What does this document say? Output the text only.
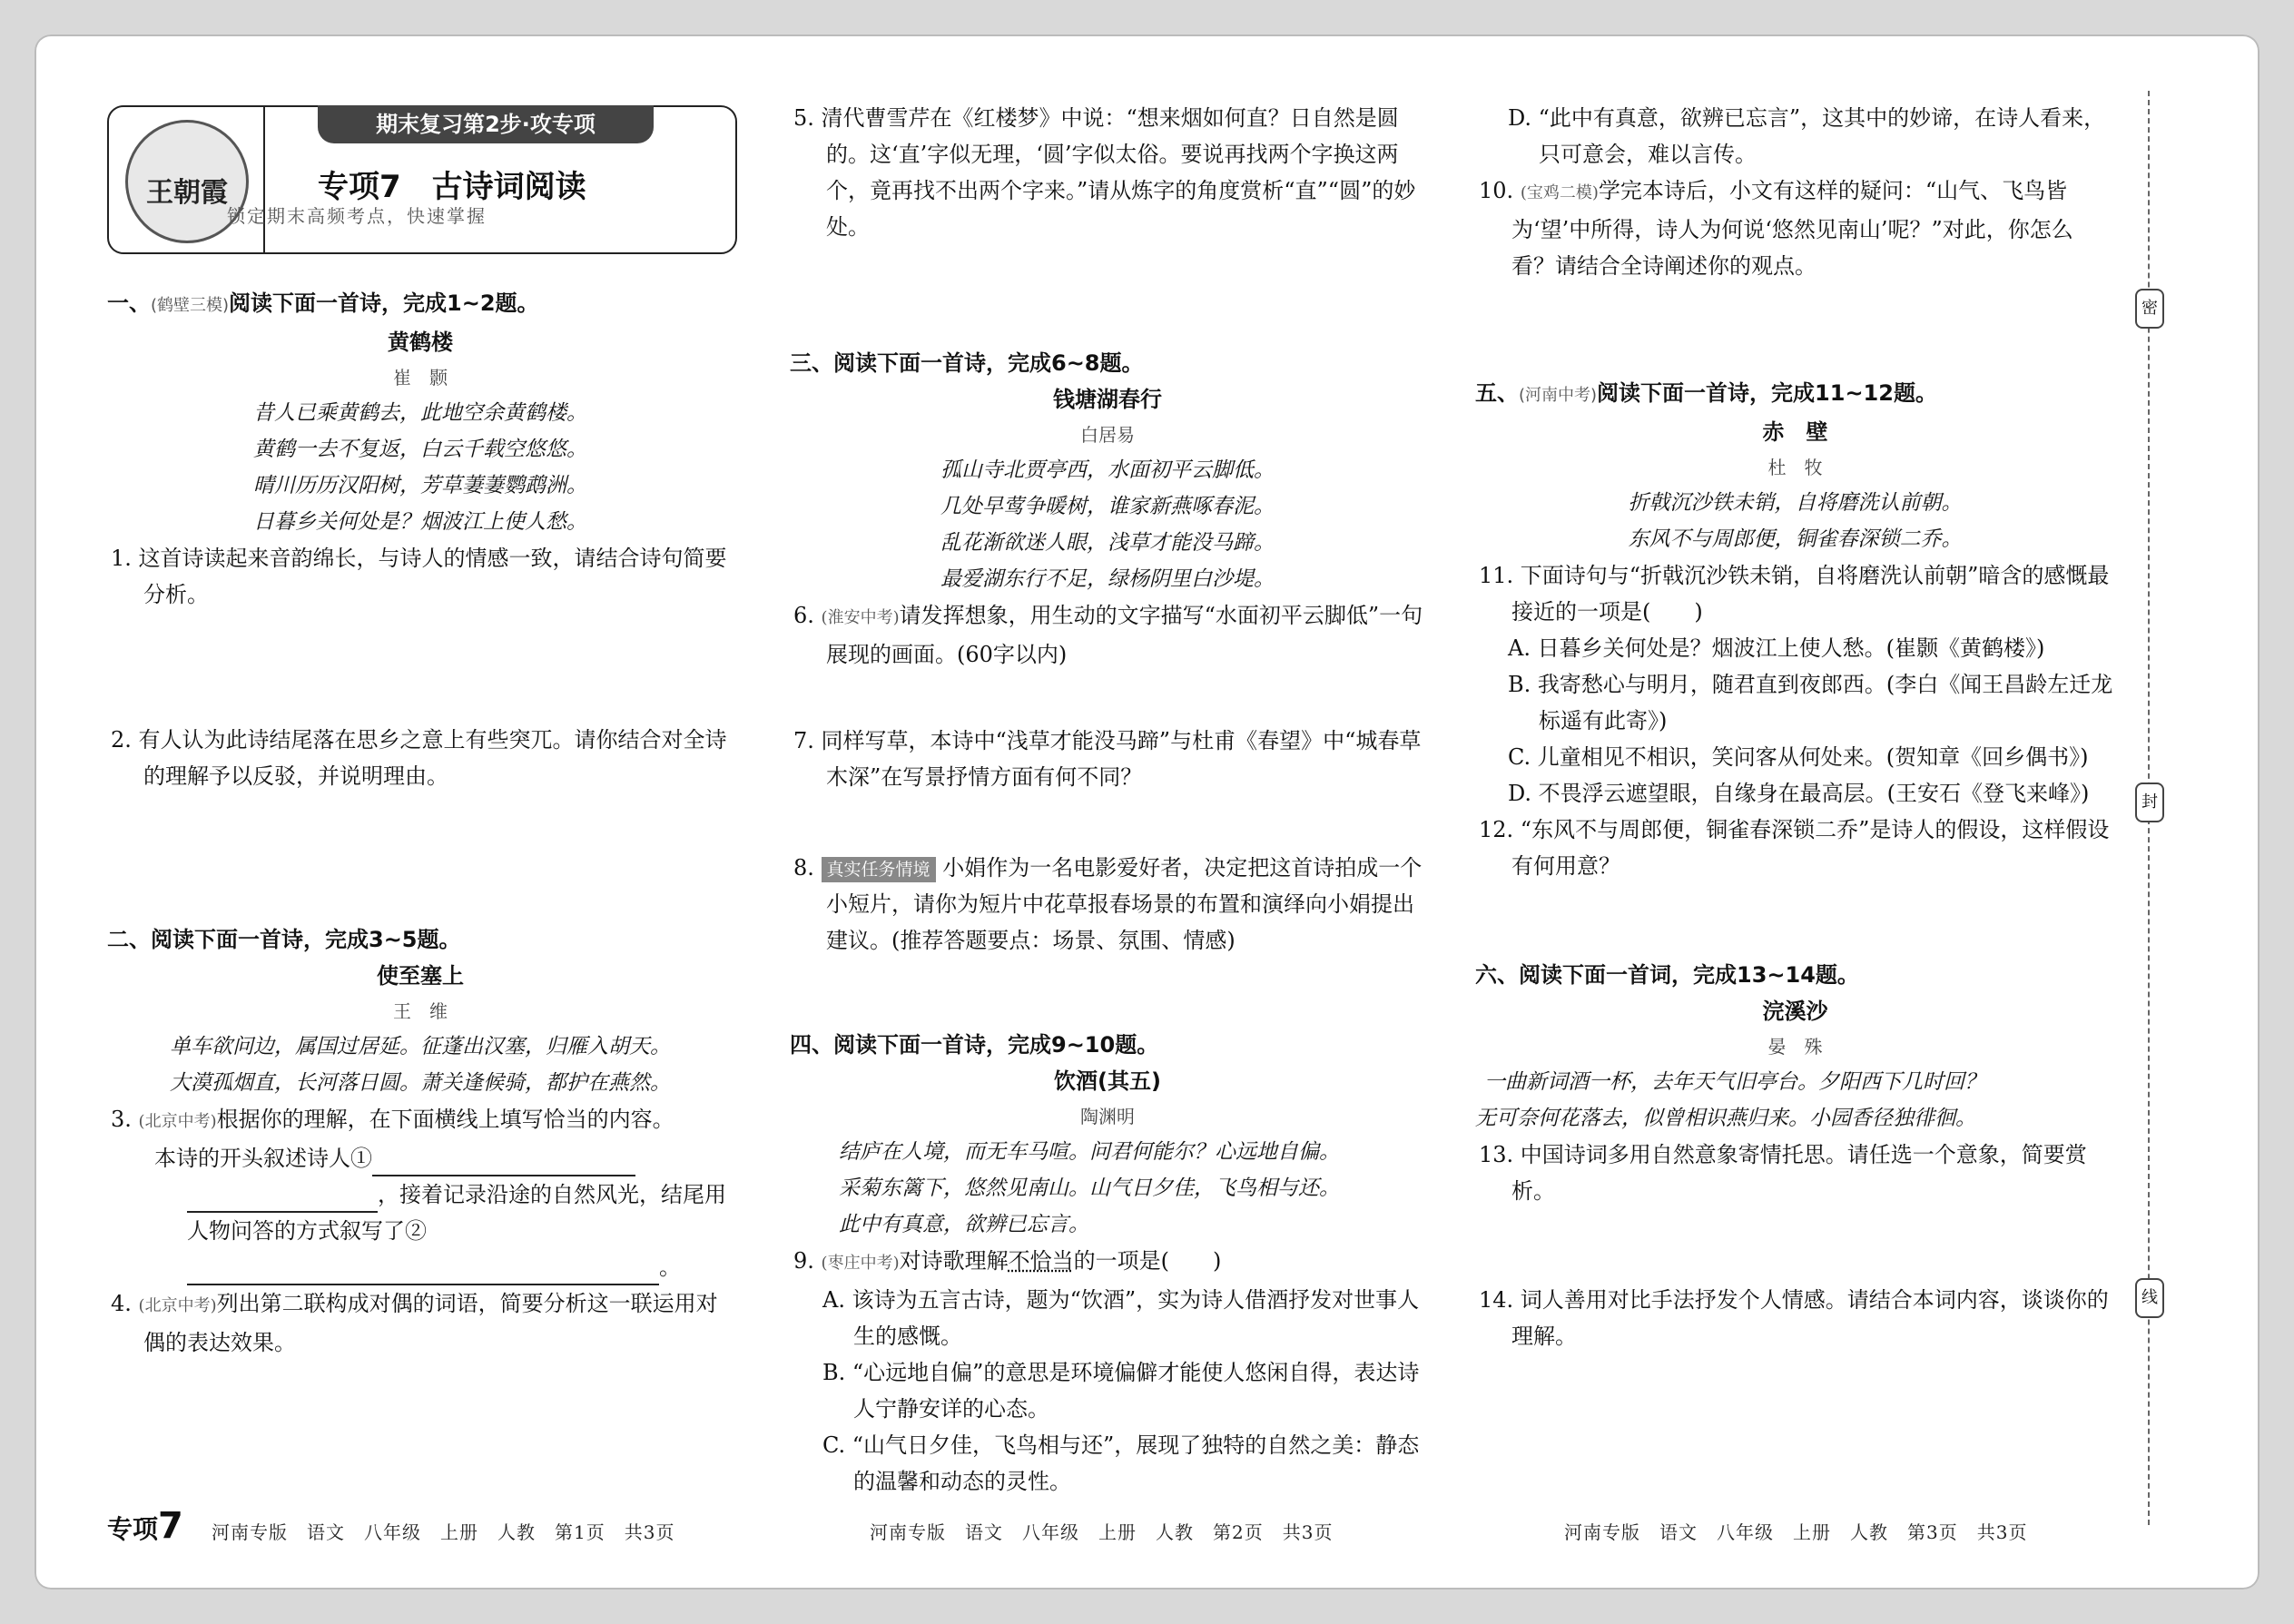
王朝霞
期末复习第2步·攻专项
专项7　古诗词阅读
锁定期末高频考点，快速掌握
一、(鹤壁三模)阅读下面一首诗，完成1~2题。
黄鹤楼
崔　颢
昔人已乘黄鹤去，此地空余黄鹤楼。
黄鹤一去不复返，白云千载空悠悠。
晴川历历汉阳树，芳草萋萋鹦鹉洲。
日暮乡关何处是？烟波江上使人愁。
1. 这首诗读起来音韵绵长，与诗人的情感一致，请结合诗句简要分析。
2. 有人认为此诗结尾落在思乡之意上有些突兀。请你结合对全诗的理解予以反驳，并说明理由。
二、阅读下面一首诗，完成3~5题。
使至塞上
王　维
单车欲问边，属国过居延。征蓬出汉塞，归雁入胡天。
大漠孤烟直，长河落日圆。萧关逢候骑，都护在燕然。
3. (北京中考)根据你的理解，在下面横线上填写恰当的内容。
本诗的开头叙述诗人①，接着记录沿途的自然风光，结尾用人物问答的方式叙写了②。
4. (北京中考)列出第二联构成对偶的词语，简要分析这一联运用对偶的表达效果。
5. 清代曹雪芹在《红楼梦》中说：“想来烟如何直？日自然是圆的。这‘直’字似无理，‘圆’字似太俗。要说再找两个字换这两个，竟再找不出两个字来。”请从炼字的角度赏析“直”“圆”的妙处。
三、阅读下面一首诗，完成6~8题。
钱塘湖春行
白居易
孤山寺北贾亭西，水面初平云脚低。
几处早莺争暖树，谁家新燕啄春泥。
乱花渐欲迷人眼，浅草才能没马蹄。
最爱湖东行不足，绿杨阴里白沙堤。
6. (淮安中考)请发挥想象，用生动的文字描写“水面初平云脚低”一句展现的画面。(60字以内)
7. 同样写草，本诗中“浅草才能没马蹄”与杜甫《春望》中“城春草木深”在写景抒情方面有何不同？
8. 真实任务情境 小娟作为一名电影爱好者，决定把这首诗拍成一个小短片，请你为短片中花草报春场景的布置和演绎向小娟提出建议。(推荐答题要点：场景、氛围、情感)
四、阅读下面一首诗，完成9~10题。
饮酒(其五)
陶渊明
结庐在人境，而无车马喧。问君何能尔？心远地自偏。
采菊东篱下，悠然见南山。山气日夕佳，飞鸟相与还。
此中有真意，欲辨已忘言。
9. (枣庄中考)对诗歌理解不恰当的一项是(　　)
A. 该诗为五言古诗，题为“饮酒”，实为诗人借酒抒发对世事人生的感慨。
B. “心远地自偏”的意思是环境偏僻才能使人悠闲自得，表达诗人宁静安详的心态。
C. “山气日夕佳，飞鸟相与还”，展现了独特的自然之美：静态的温馨和动态的灵性。
D. “此中有真意，欲辨已忘言”，这其中的妙谛，在诗人看来，只可意会，难以言传。
10. (宝鸡二模)学完本诗后，小文有这样的疑问：“山气、飞鸟皆为‘望’中所得，诗人为何说‘悠然见南山’呢？”对此，你怎么看？请结合全诗阐述你的观点。
五、(河南中考)阅读下面一首诗，完成11~12题。
赤　壁
杜　牧
折戟沉沙铁未销，自将磨洗认前朝。
东风不与周郎便，铜雀春深锁二乔。
11. 下面诗句与“折戟沉沙铁未销，自将磨洗认前朝”暗含的感慨最接近的一项是(　　)
A. 日暮乡关何处是？烟波江上使人愁。(崔颢《黄鹤楼》)
B. 我寄愁心与明月，随君直到夜郎西。(李白《闻王昌龄左迁龙标遥有此寄》)
C. 儿童相见不相识，笑问客从何处来。(贺知章《回乡偶书》)
D. 不畏浮云遮望眼，自缘身在最高层。(王安石《登飞来峰》)
12. “东风不与周郎便，铜雀春深锁二乔”是诗人的假设，这样假设有何用意？
六、阅读下面一首词，完成13~14题。
浣溪沙
晏　殊
一曲新词酒一杯，去年天气旧亭台。夕阳西下几时回？
无可奈何花落去，似曾相识燕归来。小园香径独徘徊。
13. 中国诗词多用自然意象寄情托思。请任选一个意象，简要赏析。
14. 词人善用对比手法抒发个人情感。请结合本词内容，谈谈你的理解。
专项7 河南专版　语文　八年级　上册　人教　第1页　共3页	河南专版　语文　八年级　上册　人教　第2页　共3页	河南专版　语文　八年级　上册　人教　第3页　共3页
密
封
线
